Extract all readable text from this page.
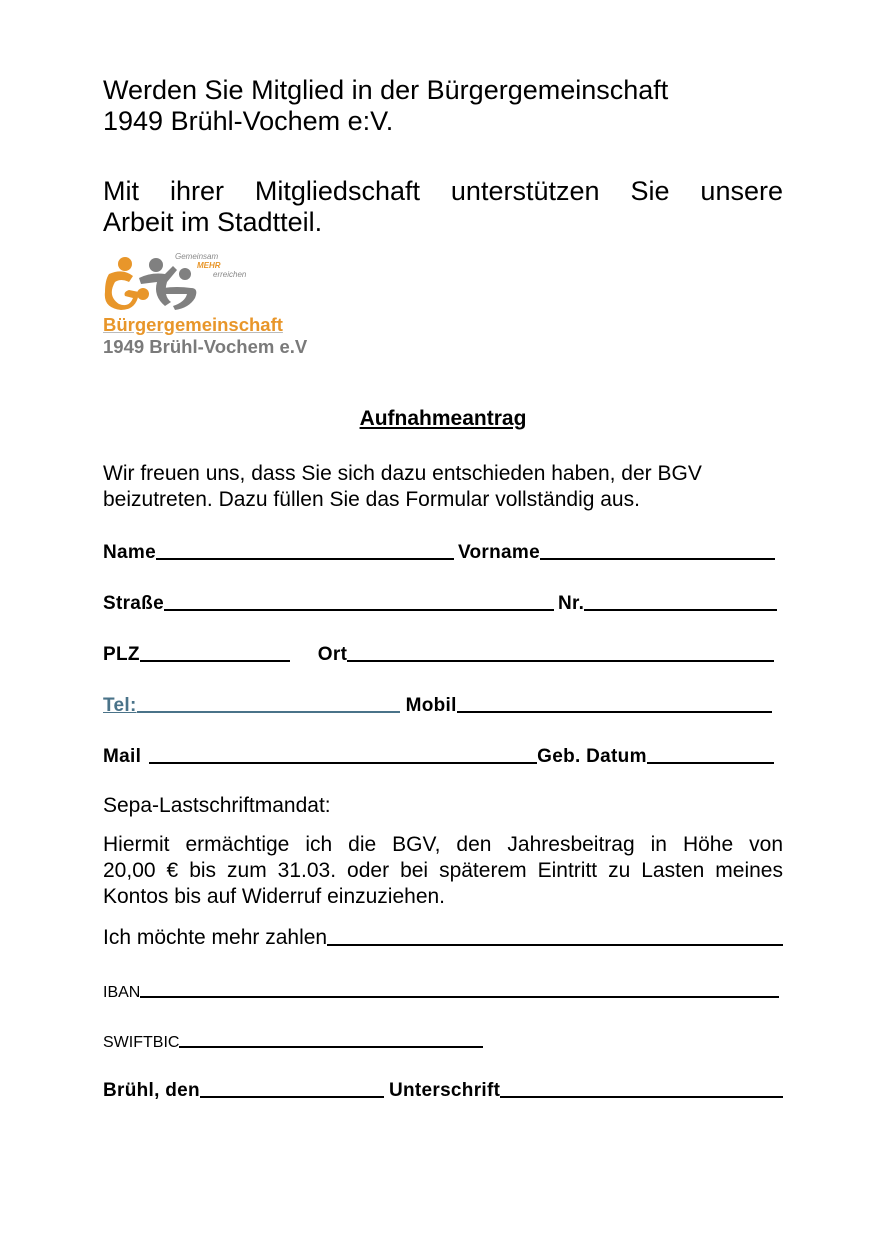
Werden Sie Mitglied in der Bürgergemeinschaft
1949 Brühl-Vochem e:V.
Mit ihrer Mitgliedschaft unterstützen Sie unsere
Arbeit im Stadtteil.
Gemeinsam
MEHR
erreichen
Bürgergemeinschaft
1949 Brühl-Vochem e.V
Aufnahmeantrag
Wir freuen uns, dass Sie sich dazu entschieden haben, der BGV
beizutreten. Dazu füllen Sie das Formular vollständig aus.
Name	Vorname
Straße	Nr.
PLZ	Ort
Tel:	Mobil
Mail	Geb. Datum
Sepa-Lastschriftmandat:
Hiermit ermächtige ich die BGV, den Jahresbeitrag in Höhe von
20,00 € bis zum 31.03. oder bei späterem Eintritt zu Lasten meines
Kontos bis auf Widerruf einzuziehen.
Ich möchte mehr zahlen
IBAN
SWIFTBIC
Brühl, den	Unterschrift
